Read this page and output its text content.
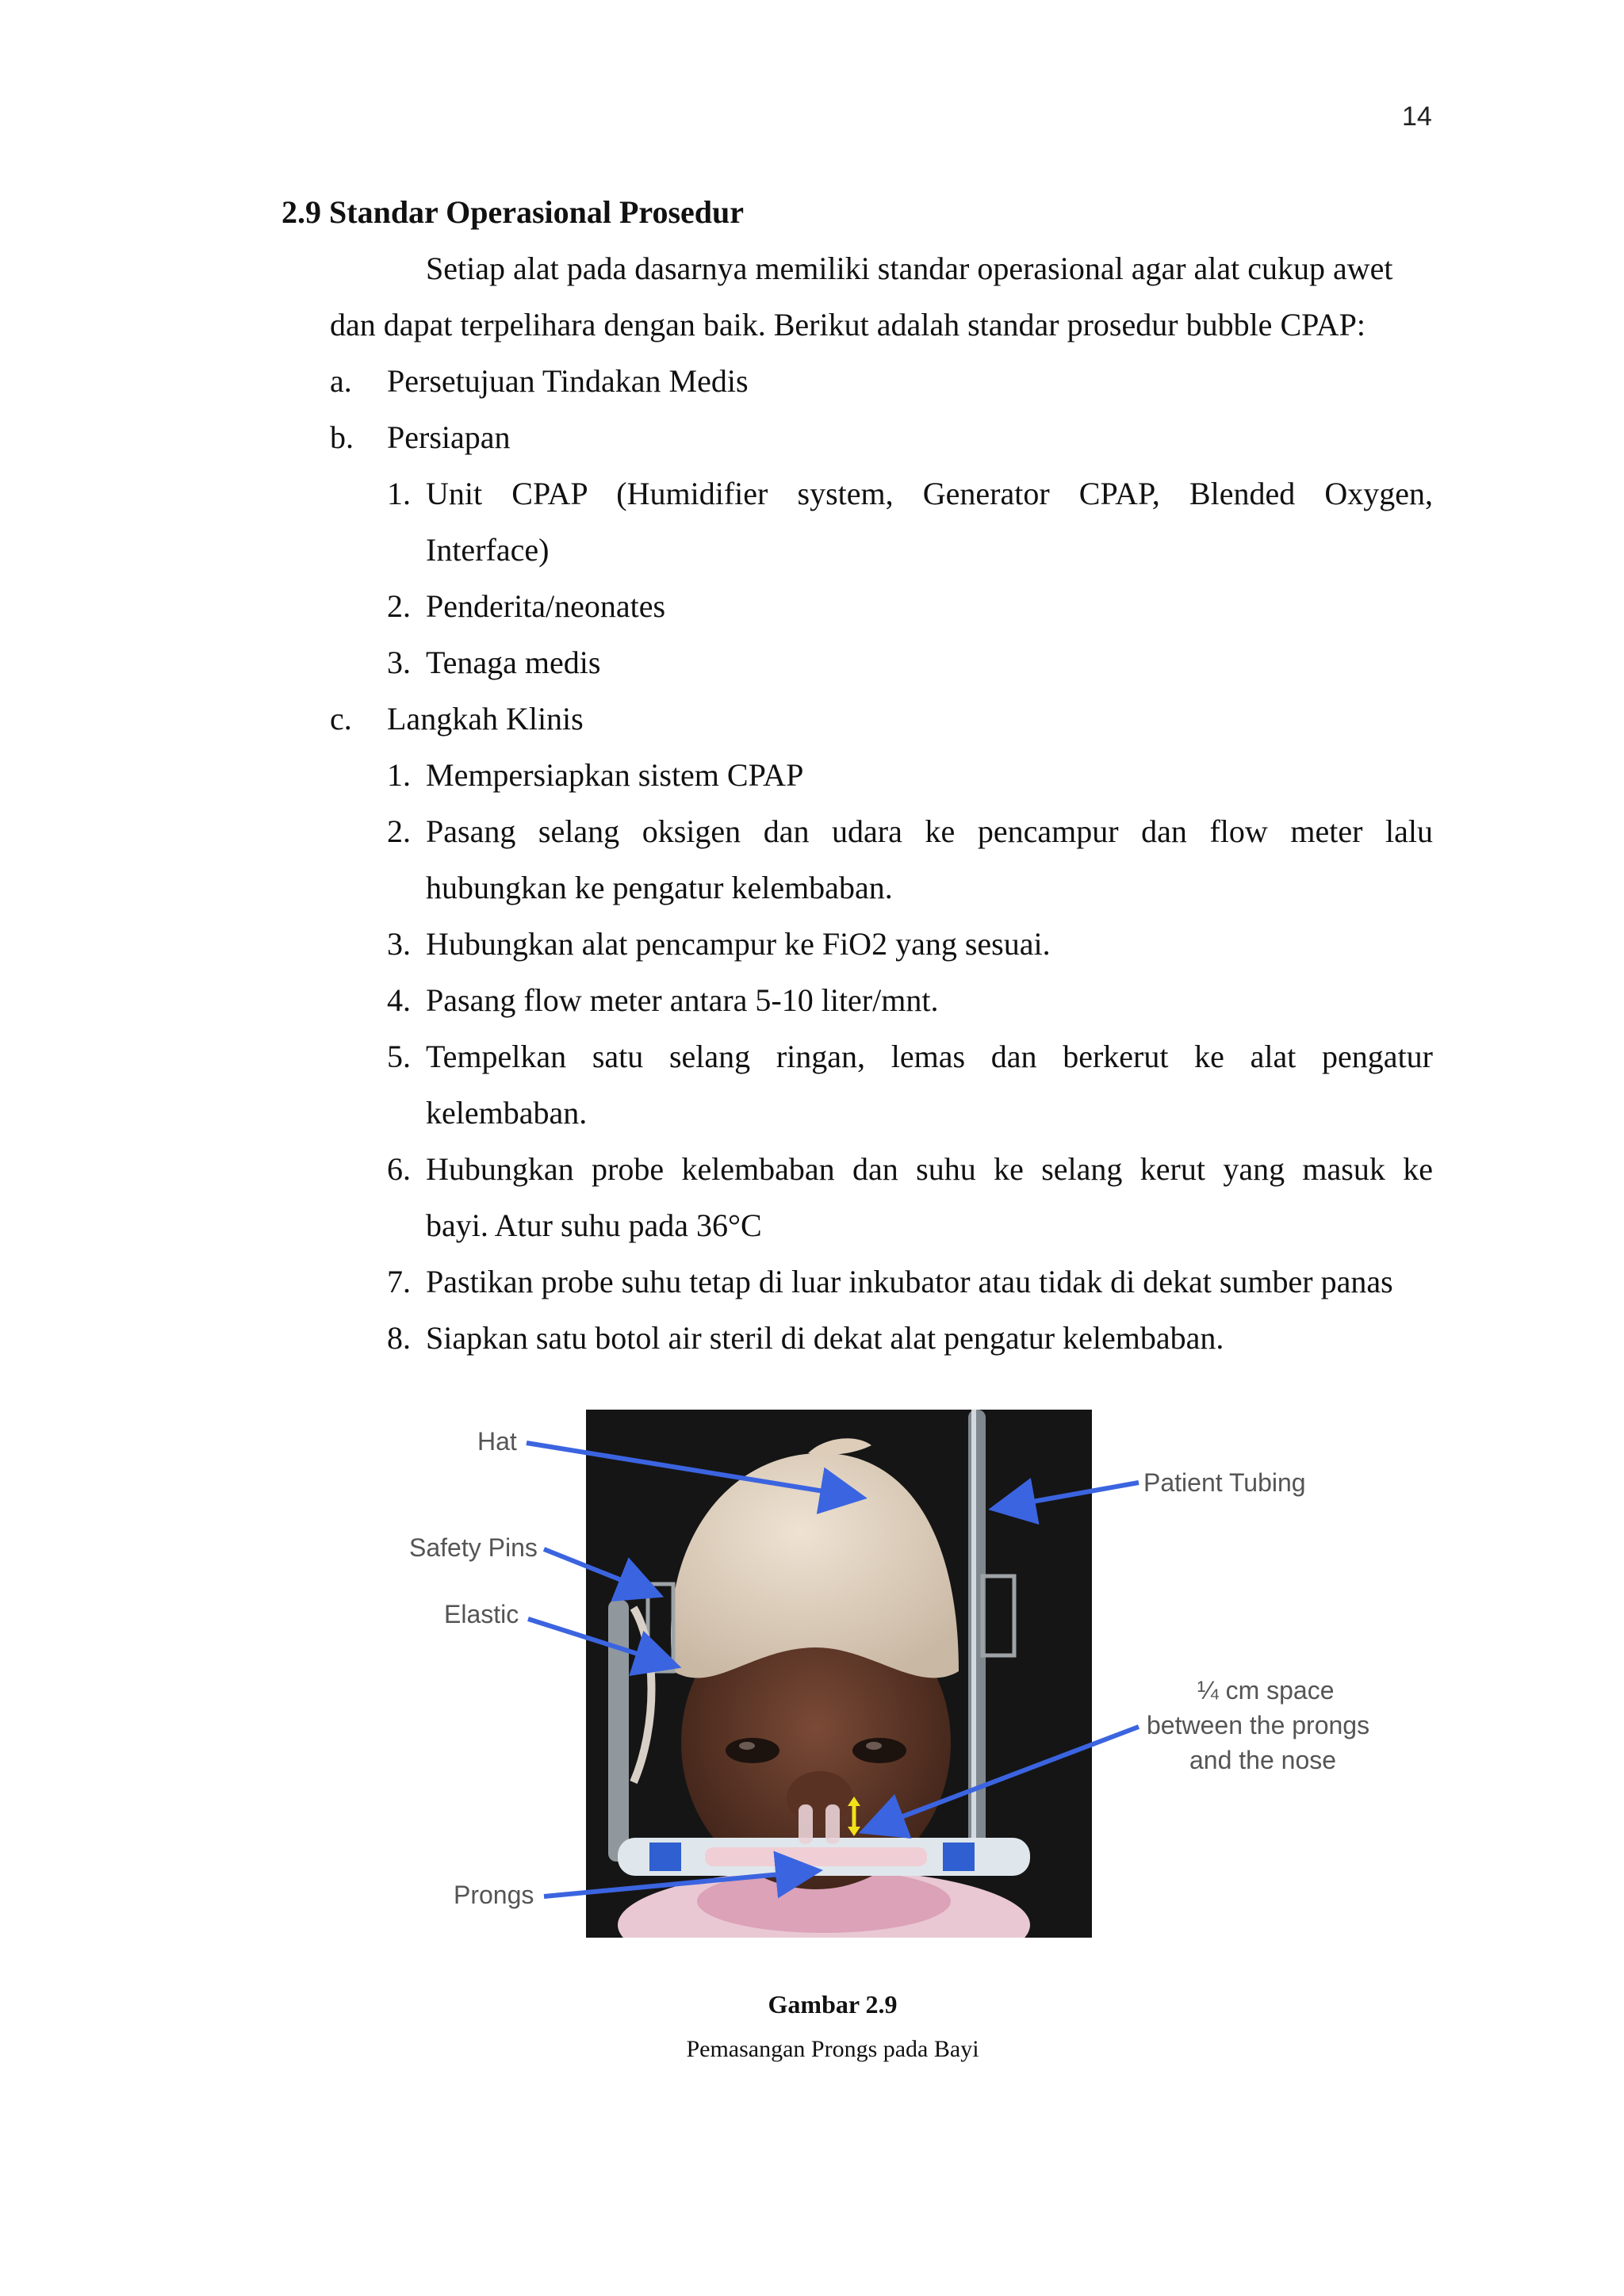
14
2.9 Standar Operasional Prosedur
Setiap alat pada dasarnya memiliki standar operasional agar alat cukup awet
dan dapat terpelihara dengan baik. Berikut adalah standar prosedur bubble CPAP:
a. Persetujuan Tindakan Medis
b. Persiapan
1. Unit CPAP (Humidifier system, Generator CPAP, Blended Oxygen,
Interface)
2. Penderita/neonates
3. Tenaga medis
c. Langkah Klinis
1. Mempersiapkan sistem CPAP
2. Pasang selang oksigen dan udara ke pencampur dan flow meter lalu
hubungkan ke pengatur kelembaban.
3. Hubungkan alat pencampur ke FiO2 yang sesuai.
4. Pasang flow meter antara 5-10 liter/mnt.
5. Tempelkan satu selang ringan, lemas dan berkerut ke alat pengatur
kelembaban.
6. Hubungkan probe kelembaban dan suhu ke selang kerut yang masuk ke
bayi. Atur suhu pada 36°C
7. Pastikan probe suhu tetap di luar inkubator atau tidak di dekat sumber panas
8. Siapkan satu botol air steril di dekat alat pengatur kelembaban.
Hat
Patient Tubing
Safety Pins
Elastic
¼ cm space
between the prongs
and the nose
Prongs
Gambar 2.9
Pemasangan Prongs pada Bayi
